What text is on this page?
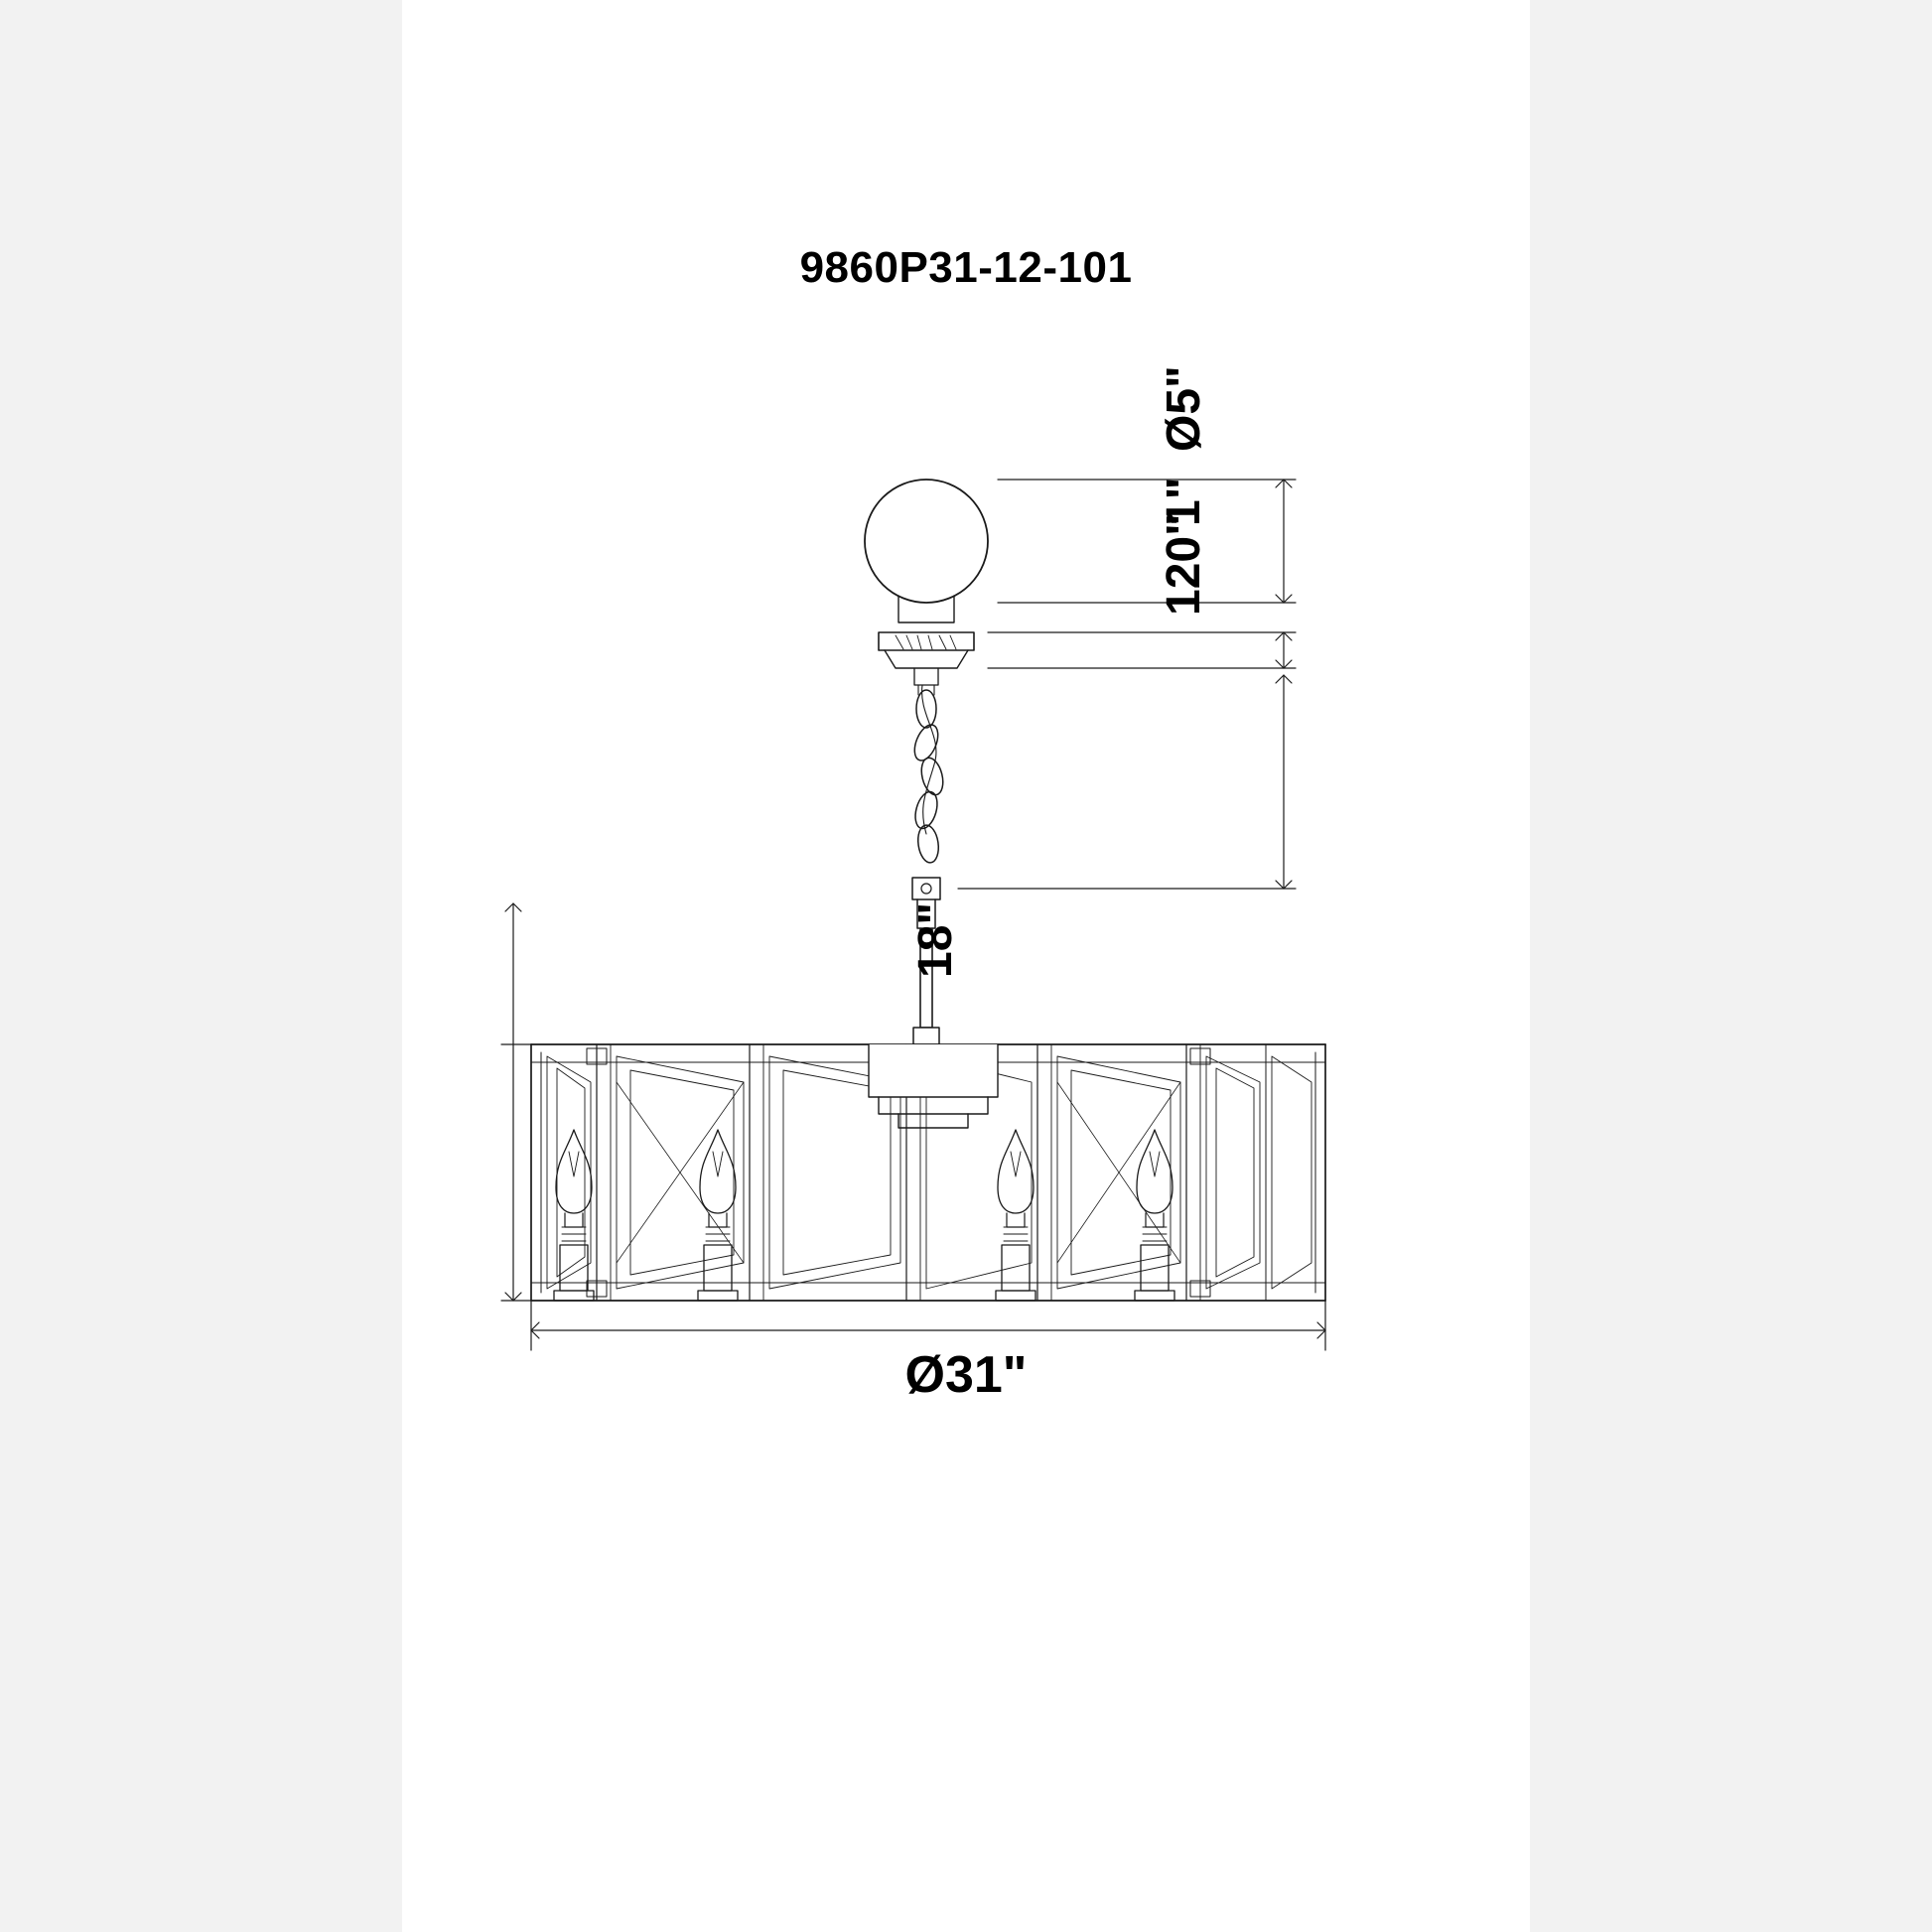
9860P31-12-101
Ø5"
1"
120"
18"
Ø31"
